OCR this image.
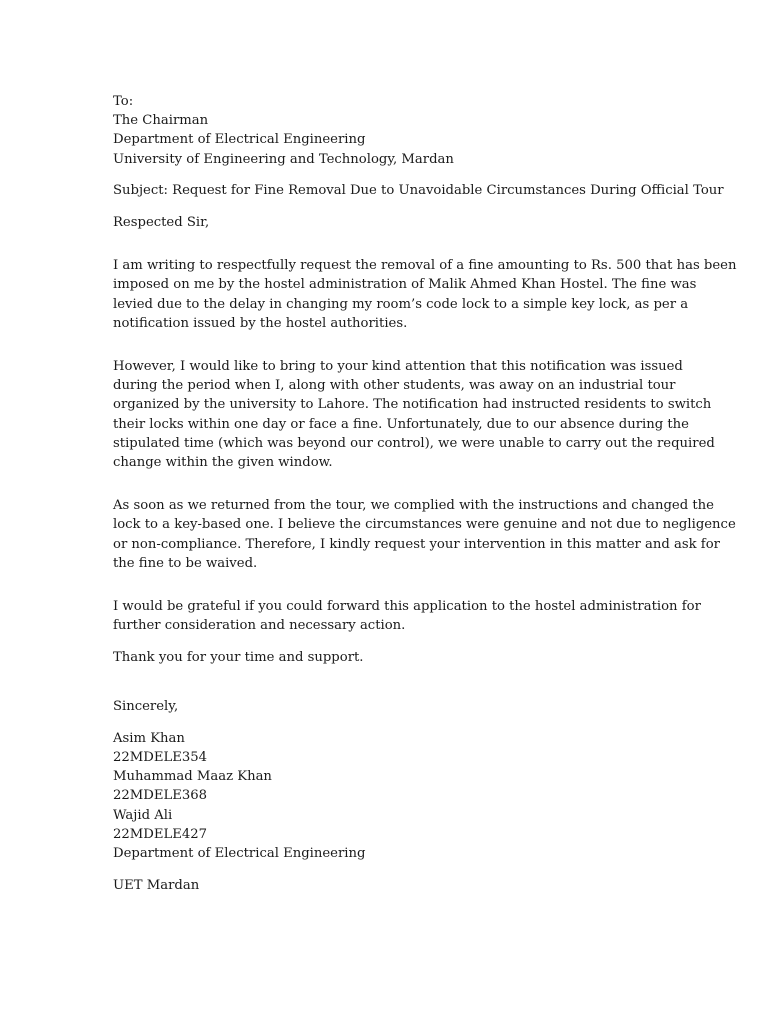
To:
The Chairman
Department of Electrical Engineering
University of Engineering and Technology, Mardan
Subject: Request for Fine Removal Due to Unavoidable Circumstances During Official Tour
Respected Sir,
I am writing to respectfully request the removal of a fine amounting to Rs. 500 that has been
imposed on me by the hostel administration of Malik Ahmed Khan Hostel. The fine was
levied due to the delay in changing my room’s code lock to a simple key lock, as per a
notification issued by the hostel authorities.
However, I would like to bring to your kind attention that this notification was issued
during the period when I, along with other students, was away on an industrial tour
organized by the university to Lahore. The notification had instructed residents to switch
their locks within one day or face a fine. Unfortunately, due to our absence during the
stipulated time (which was beyond our control), we were unable to carry out the required
change within the given window.
As soon as we returned from the tour, we complied with the instructions and changed the
lock to a key-based one. I believe the circumstances were genuine and not due to negligence
or non-compliance. Therefore, I kindly request your intervention in this matter and ask for
the fine to be waived.
I would be grateful if you could forward this application to the hostel administration for
further consideration and necessary action.
Thank you for your time and support.
Sincerely,
Asim Khan
22MDELE354
Muhammad Maaz Khan
22MDELE368
Wajid Ali
22MDELE427
Department of Electrical Engineering
UET Mardan
